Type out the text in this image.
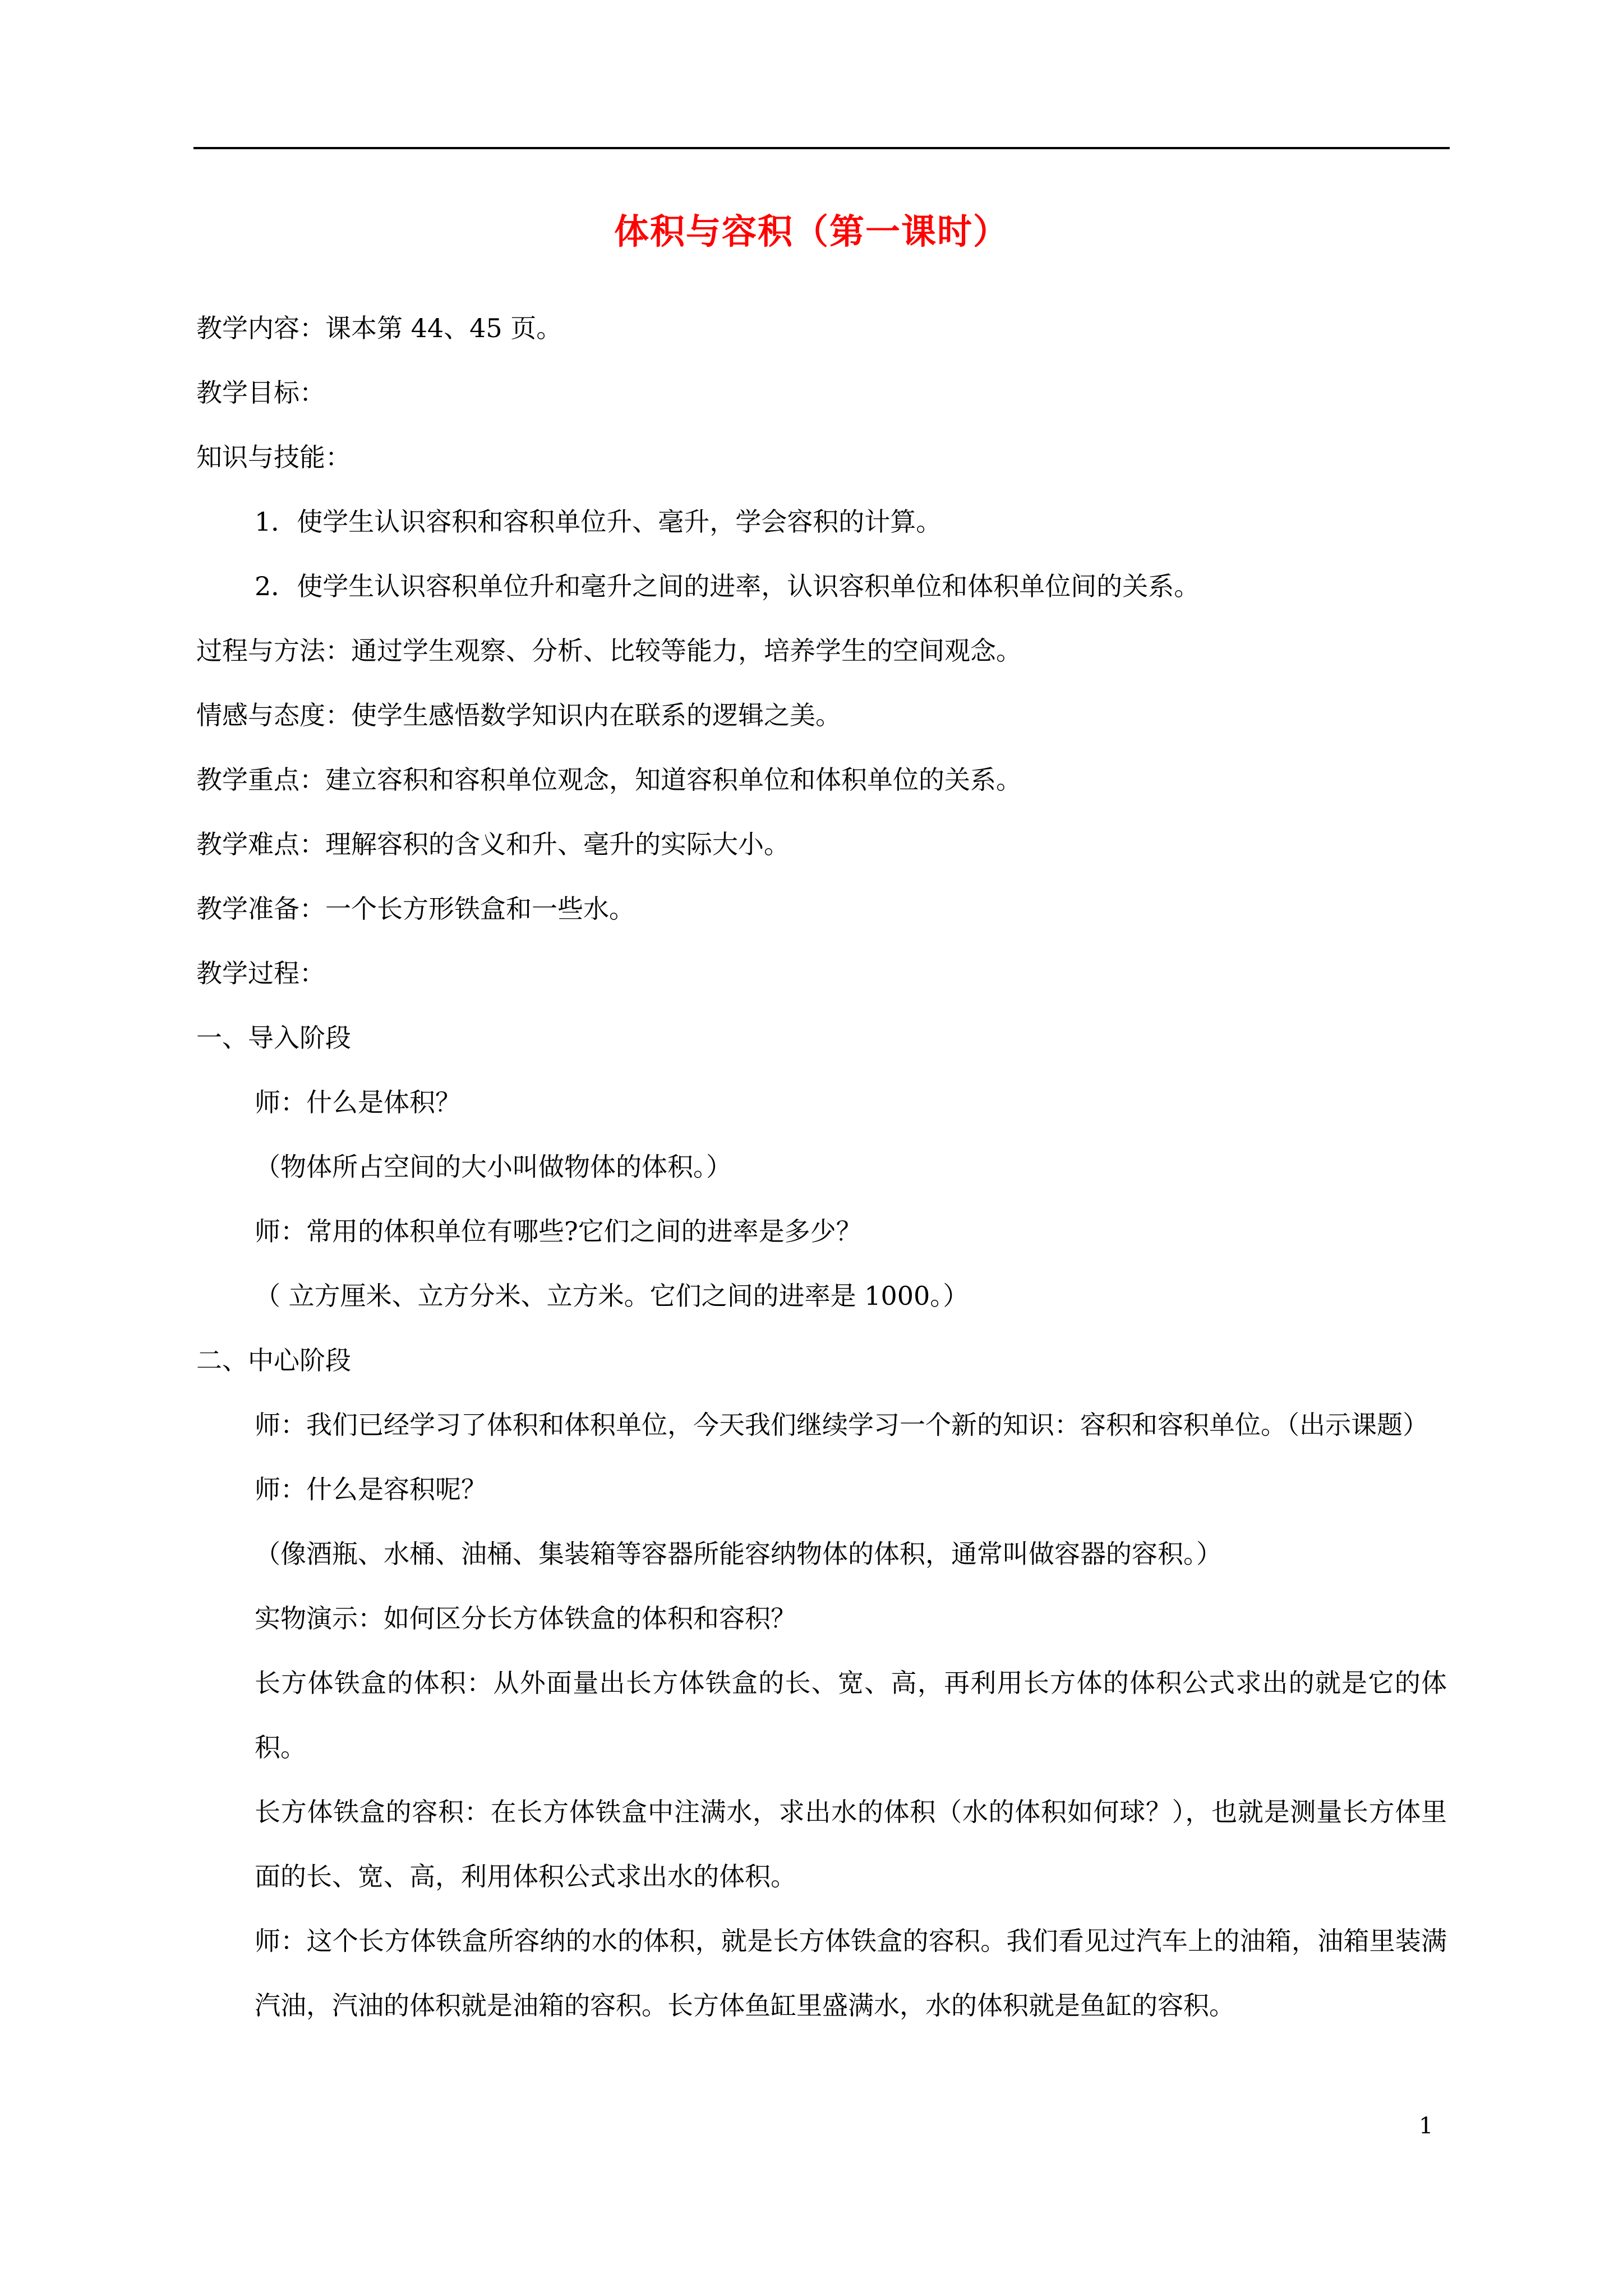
体积与容积（第一课时）
教学内容：课本第 44、45 页。
教学目标：
知识与技能：
1．使学生认识容积和容积单位升、毫升，学会容积的计算。
2．使学生认识容积单位升和毫升之间的进率，认识容积单位和体积单位间的关系。
过程与方法：通过学生观察、分析、比较等能力，培养学生的空间观念。
情感与态度：使学生感悟数学知识内在联系的逻辑之美。
教学重点：建立容积和容积单位观念，知道容积单位和体积单位的关系。
教学难点：理解容积的含义和升、毫升的实际大小。
教学准备：一个长方形铁盒和一些水。
教学过程：
一、导入阶段
师：什么是体积？
（物体所占空间的大小叫做物体的体积。）
师：常用的体积单位有哪些?它们之间的进率是多少？
（ 立方厘米、立方分米、立方米。它们之间的进率是 1000。）
二、中心阶段
师：我们已经学习了体积和体积单位，今天我们继续学习一个新的知识：容积和容积单位。（出示课题）
师：什么是容积呢？
（像酒瓶、水桶、油桶、集装箱等容器所能容纳物体的体积，通常叫做容器的容积。）
实物演示：如何区分长方体铁盒的体积和容积？
长方体铁盒的体积：从外面量出长方体铁盒的长、宽、高，再利用长方体的体积公式求出的就是它的体积。
长方体铁盒的容积：在长方体铁盒中注满水，求出水的体积（水的体积如何球？），也就是测量长方体里面的长、宽、高，利用体积公式求出水的体积。
师：这个长方体铁盒所容纳的水的体积，就是长方体铁盒的容积。我们看见过汽车上的油箱，油箱里装满汽油，汽油的体积就是油箱的容积。长方体鱼缸里盛满水，水的体积就是鱼缸的容积。
1
